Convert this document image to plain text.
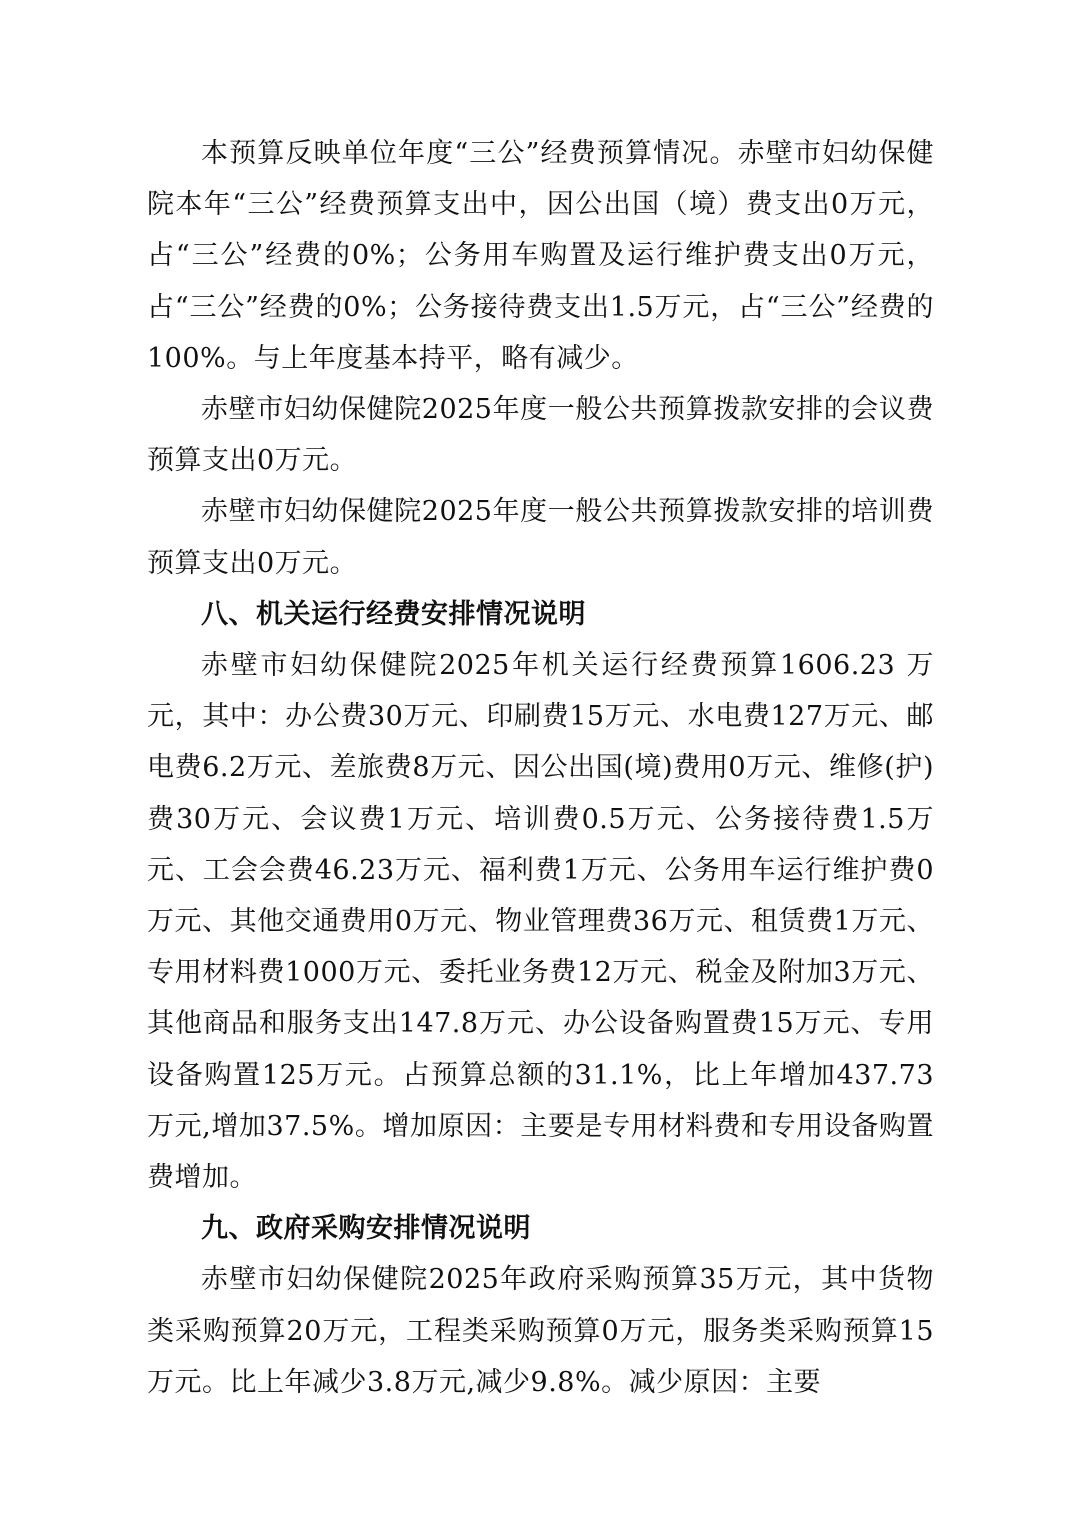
本预算反映单位年度“三公”经费预算情况。赤壁市妇幼保健院本年“三公”经费预算支出中，因公出国（境）费支出0万元，占“三公”经费的0%；公务用车购置及运行维护费支出0万元，占“三公”经费的0%；公务接待费支出1.5万元，占“三公”经费的100%。与上年度基本持平，略有减少。

赤壁市妇幼保健院2025年度一般公共预算拨款安排的会议费预算支出0万元。

赤壁市妇幼保健院2025年度一般公共预算拨款安排的培训费预算支出0万元。

八、机关运行经费安排情况说明

赤壁市妇幼保健院2025年机关运行经费预算1606.23 万元，其中：办公费30万元、印刷费15万元、水电费127万元、邮电费6.2万元、差旅费8万元、因公出国(境)费用0万元、维修(护)费30万元、会议费1万元、培训费0.5万元、公务接待费1.5万元、工会会费46.23万元、福利费1万元、公务用车运行维护费0万元、其他交通费用0万元、物业管理费36万元、租赁费1万元、专用材料费1000万元、委托业务费12万元、税金及附加3万元、其他商品和服务支出147.8万元、办公设备购置费15万元、专用设备购置125万元。占预算总额的31.1%，比上年增加437.73万元,增加37.5%。增加原因：主要是专用材料费和专用设备购置费增加。

九、政府采购安排情况说明

赤壁市妇幼保健院2025年政府采购预算35万元，其中货物类采购预算20万元，工程类采购预算0万元，服务类采购预算15万元。比上年减少3.8万元,减少9.8%。减少原因：主要
